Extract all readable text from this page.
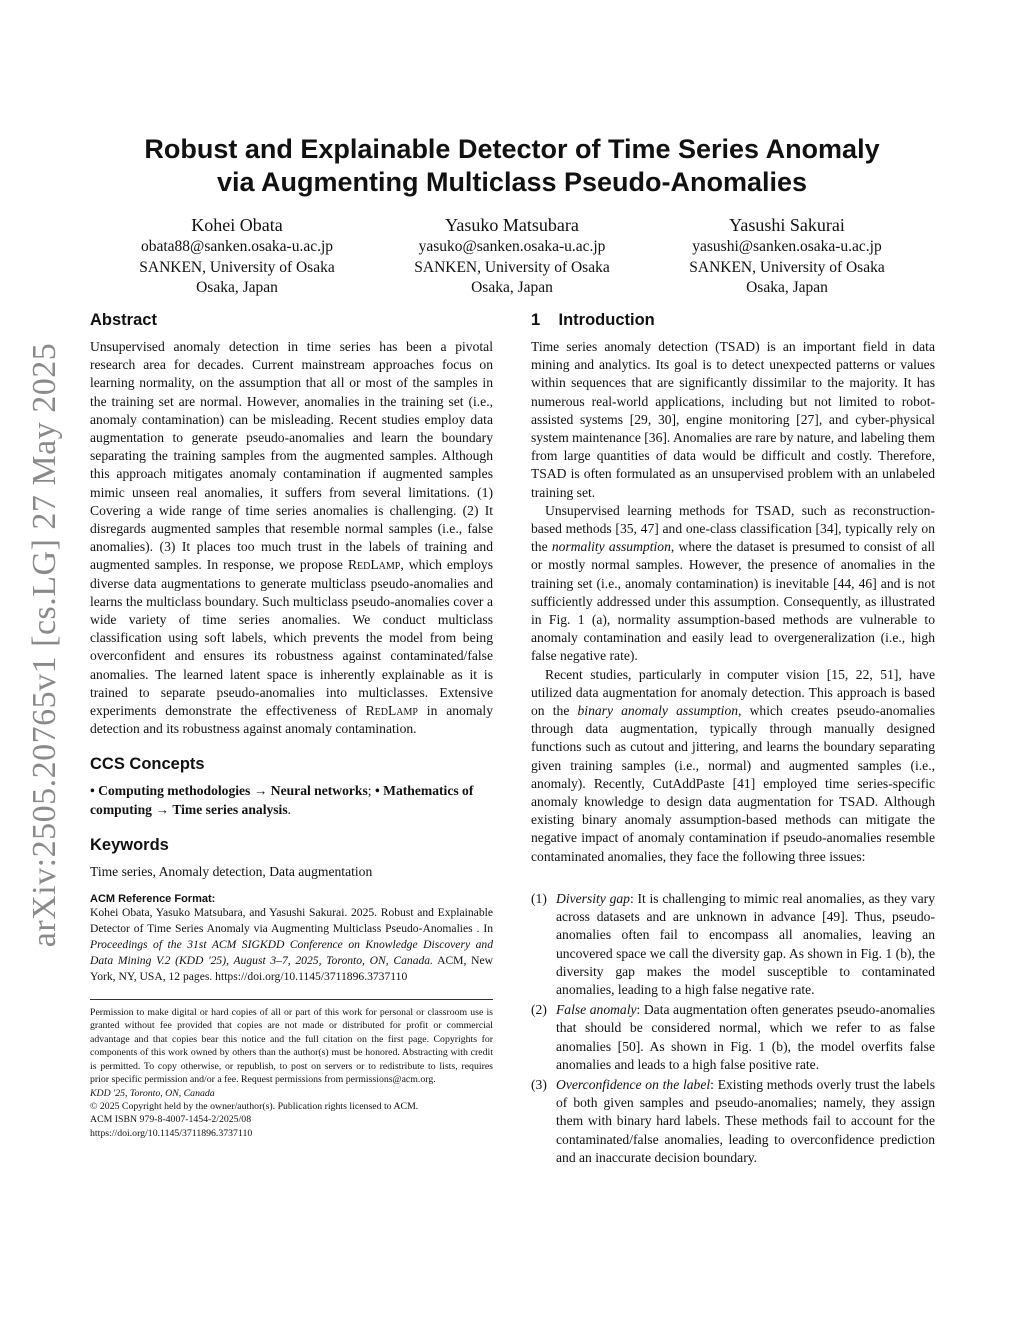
arXiv:2505.20765v1 [cs.LG] 27 May 2025
Robust and Explainable Detector of Time Series Anomaly
via Augmenting Multiclass Pseudo-Anomalies
Kohei Obata
obata88@sanken.osaka-u.ac.jp
SANKEN, University of Osaka
Osaka, Japan
Yasuko Matsubara
yasuko@sanken.osaka-u.ac.jp
SANKEN, University of Osaka
Osaka, Japan
Yasushi Sakurai
yasushi@sanken.osaka-u.ac.jp
SANKEN, University of Osaka
Osaka, Japan
Abstract

Unsupervised anomaly detection in time series has been a pivotal research area for decades. Current mainstream approaches focus on learning normality, on the assumption that all or most of the samples in the training set are normal. However, anomalies in the training set (i.e., anomaly contamination) can be misleading. Recent studies employ data augmentation to generate pseudo-anomalies and learn the boundary separating the training samples from the augmented samples. Although this approach mitigates anomaly contamination if augmented samples mimic unseen real anomalies, it suffers from several limitations. (1) Covering a wide range of time series anomalies is challenging. (2) It disregards augmented samples that resemble normal samples (i.e., false anomalies). (3) It places too much trust in the labels of training and augmented samples. In response, we propose RedLamp, which employs diverse data augmentations to generate multiclass pseudo-anomalies and learns the multiclass boundary. Such multiclass pseudo-anomalies cover a wide variety of time series anomalies. We conduct multiclass classification using soft labels, which prevents the model from being overconfident and ensures its robustness against contaminated/false anomalies. The learned latent space is inherently explainable as it is trained to separate pseudo-anomalies into multiclasses. Extensive experiments demonstrate the effectiveness of RedLamp in anomaly detection and its robustness against anomaly contamination.

CCS Concepts
• Computing methodologies → Neural networks; • Mathematics of computing → Time series analysis.
Keywords

Time series, Anomaly detection, Data augmentation

ACM Reference Format:
Kohei Obata, Yasuko Matsubara, and Yasushi Sakurai. 2025. Robust and Explainable Detector of Time Series Anomaly via Augmenting Multiclass Pseudo-Anomalies . In Proceedings of the 31st ACM SIGKDD Conference on Knowledge Discovery and Data Mining V.2 (KDD '25), August 3–7, 2025, Toronto, ON, Canada. ACM, New York, NY, USA, 12 pages. https://doi.org/10.1145/3711896.3737110
Permission to make digital or hard copies of all or part of this work for personal or classroom use is granted without fee provided that copies are not made or distributed for profit or commercial advantage and that copies bear this notice and the full citation on the first page. Copyrights for components of this work owned by others than the author(s) must be honored. Abstracting with credit is permitted. To copy otherwise, or republish, to post on servers or to redistribute to lists, requires prior specific permission and/or a fee. Request permissions from permissions@acm.org.
KDD '25, Toronto, ON, Canada
© 2025 Copyright held by the owner/author(s). Publication rights licensed to ACM.
ACM ISBN 979-8-4007-1454-2/2025/08
https://doi.org/10.1145/3711896.3737110
1    Introduction

Time series anomaly detection (TSAD) is an important field in data mining and analytics. Its goal is to detect unexpected patterns or values within sequences that are significantly dissimilar to the majority. It has numerous real-world applications, including but not limited to robot-assisted systems [29, 30], engine monitoring [27], and cyber-physical system maintenance [36]. Anomalies are rare by nature, and labeling them from large quantities of data would be difficult and costly. Therefore, TSAD is often formulated as an unsupervised problem with an unlabeled training set.

Unsupervised learning methods for TSAD, such as reconstruction-based methods [35, 47] and one-class classification [34], typically rely on the normality assumption, where the dataset is presumed to consist of all or mostly normal samples. However, the presence of anomalies in the training set (i.e., anomaly contamination) is inevitable [44, 46] and is not sufficiently addressed under this assumption. Consequently, as illustrated in Fig. 1 (a), normality assumption-based methods are vulnerable to anomaly contamination and easily lead to overgeneralization (i.e., high false negative rate).

Recent studies, particularly in computer vision [15, 22, 51], have utilized data augmentation for anomaly detection. This approach is based on the binary anomaly assumption, which creates pseudo-anomalies through data augmentation, typically through manually designed functions such as cutout and jittering, and learns the boundary separating given training samples (i.e., normal) and augmented samples (i.e., anomaly). Recently, CutAddPaste [41] employed time series-specific anomaly knowledge to design data augmentation for TSAD. Although existing binary anomaly assumption-based methods can mitigate the negative impact of anomaly contamination if pseudo-anomalies resemble contaminated anomalies, they face the following three issues:

(1) Diversity gap: It is challenging to mimic real anomalies, as they vary across datasets and are unknown in advance [49]. Thus, pseudo-anomalies often fail to encompass all anomalies, leaving an uncovered space we call the diversity gap. As shown in Fig. 1 (b), the diversity gap makes the model susceptible to contaminated anomalies, leading to a high false negative rate.
(2) False anomaly: Data augmentation often generates pseudo-anomalies that should be considered normal, which we refer to as false anomalies [50]. As shown in Fig. 1 (b), the model overfits false anomalies and leads to a high false positive rate.
(3) Overconfidence on the label: Existing methods overly trust the labels of both given samples and pseudo-anomalies; namely, they assign them with binary hard labels. These methods fail to account for the contaminated/false anomalies, leading to overconfidence prediction and an inaccurate decision boundary.
